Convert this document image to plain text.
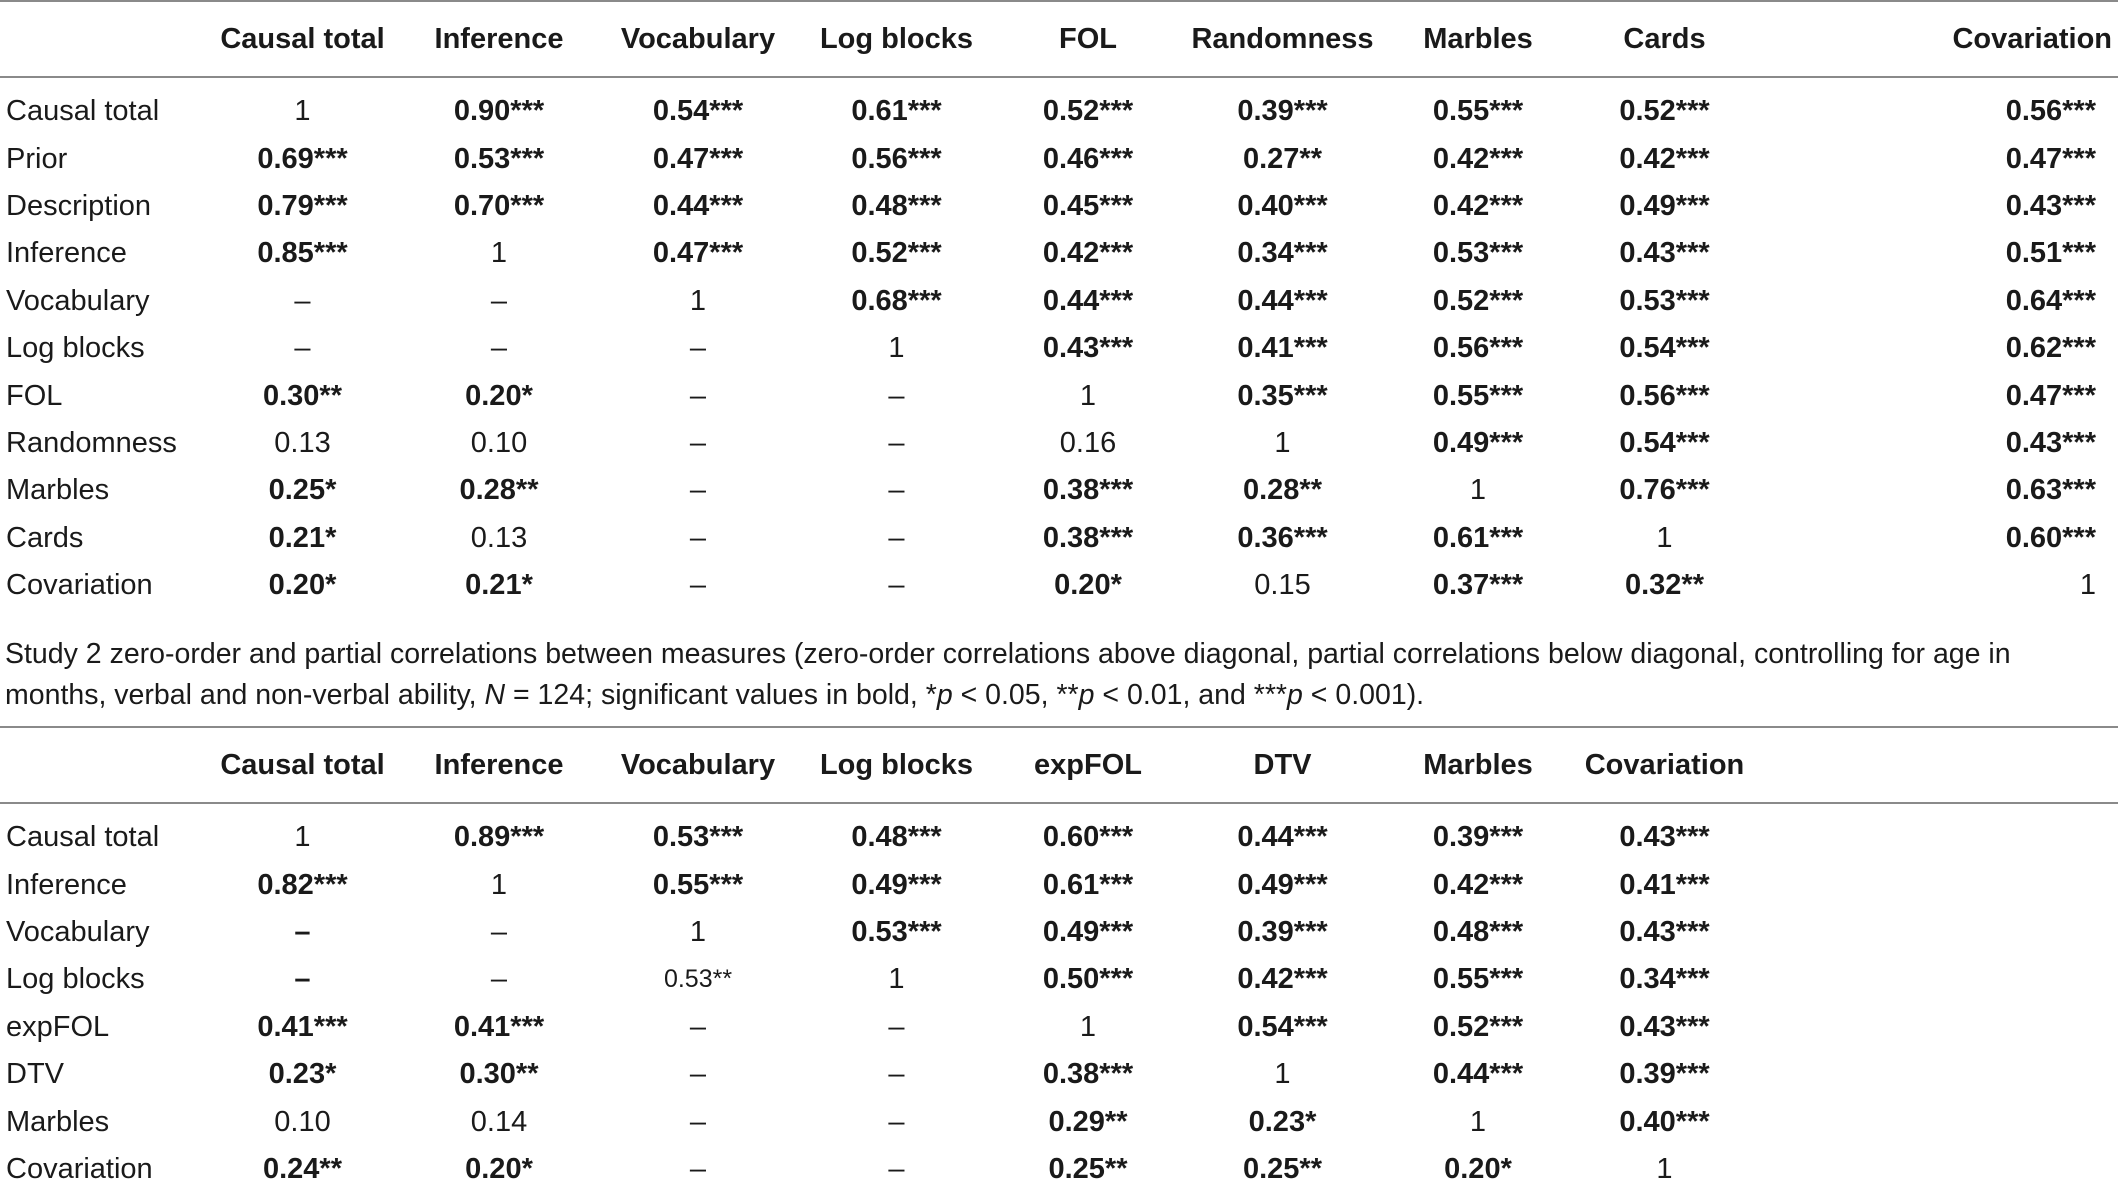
	Causal total	Inference	Vocabulary	Log blocks	FOL	Randomness	Marbles	Cards	Covariation
Causal total	1	0.90***	0.54***	0.61***	0.52***	0.39***	0.55***	0.52***	0.56***
Prior	0.69***	0.53***	0.47***	0.56***	0.46***	0.27**	0.42***	0.42***	0.47***
Description	0.79***	0.70***	0.44***	0.48***	0.45***	0.40***	0.42***	0.49***	0.43***
Inference	0.85***	1	0.47***	0.52***	0.42***	0.34***	0.53***	0.43***	0.51***
Vocabulary	–	–	1	0.68***	0.44***	0.44***	0.52***	0.53***	0.64***
Log blocks	–	–	–	1	0.43***	0.41***	0.56***	0.54***	0.62***
FOL	0.30**	0.20*	–	–	1	0.35***	0.55***	0.56***	0.47***
Randomness	0.13	0.10	–	–	0.16	1	0.49***	0.54***	0.43***
Marbles	0.25*	0.28**	–	–	0.38***	0.28**	1	0.76***	0.63***
Cards	0.21*	0.13	–	–	0.38***	0.36***	0.61***	1	0.60***
Covariation	0.20*	0.21*	–	–	0.20*	0.15	0.37***	0.32**	1
Study 2 zero-order and partial correlations between measures (zero-order correlations above diagonal, partial correlations below diagonal, controlling for age in months, verbal and non-verbal ability, N = 124; significant values in bold, *p < 0.05, **p < 0.01, and ***p < 0.001).
	Causal total	Inference	Vocabulary	Log blocks	expFOL	DTV	Marbles	Covariation	
Causal total	1	0.89***	0.53***	0.48***	0.60***	0.44***	0.39***	0.43***	
Inference	0.82***	1	0.55***	0.49***	0.61***	0.49***	0.42***	0.41***	
Vocabulary	–	–	1	0.53***	0.49***	0.39***	0.48***	0.43***	
Log blocks	–	–	0.53**	1	0.50***	0.42***	0.55***	0.34***	
expFOL	0.41***	0.41***	–	–	1	0.54***	0.52***	0.43***	
DTV	0.23*	0.30**	–	–	0.38***	1	0.44***	0.39***	
Marbles	0.10	0.14	–	–	0.29**	0.23*	1	0.40***	
Covariation	0.24**	0.20*	–	–	0.25**	0.25**	0.20*	1	
